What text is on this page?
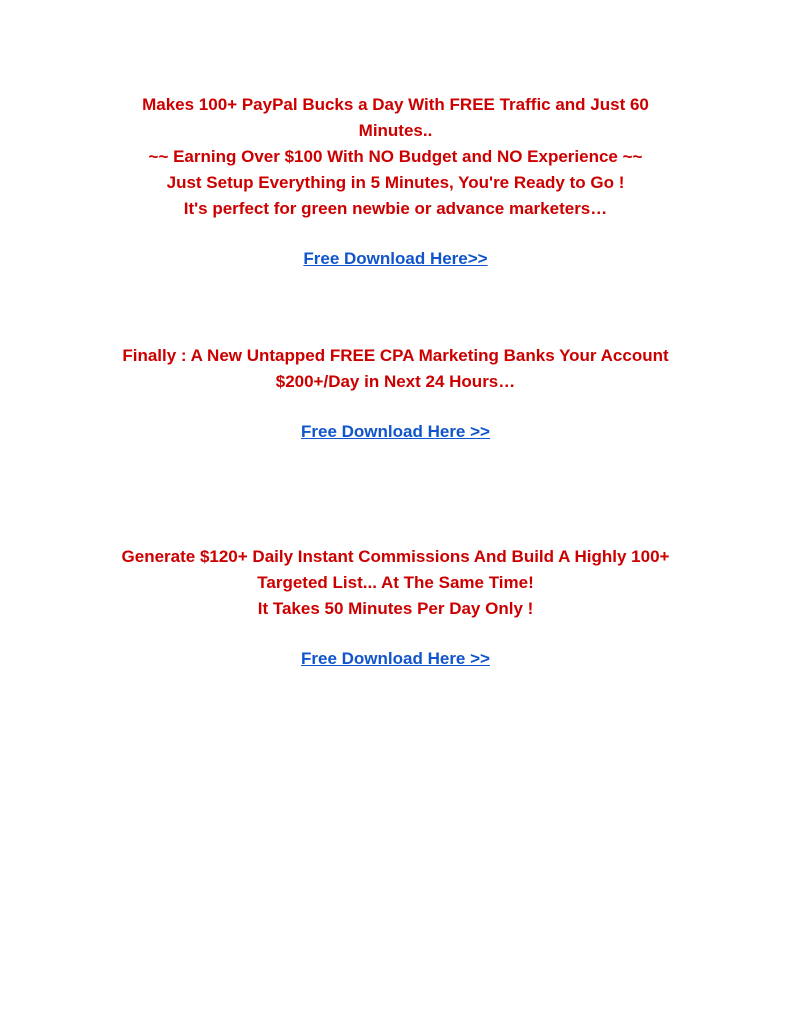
Makes 100+ PayPal Bucks a Day With FREE Traffic and Just 60
Minutes..
~~ Earning Over $100 With NO Budget and NO Experience ~~
Just Setup Everything in 5 Minutes, You're Ready to Go !
It's perfect for green newbie or advance marketers…
Free Download Here>>
Finally : A New Untapped FREE CPA Marketing Banks Your Account
$200+/Day in Next 24 Hours…
Free Download Here >>
Generate $120+ Daily Instant Commissions And Build A Highly 100+
Targeted List... At The Same Time!
It Takes 50 Minutes Per Day Only !
Free Download Here >>
